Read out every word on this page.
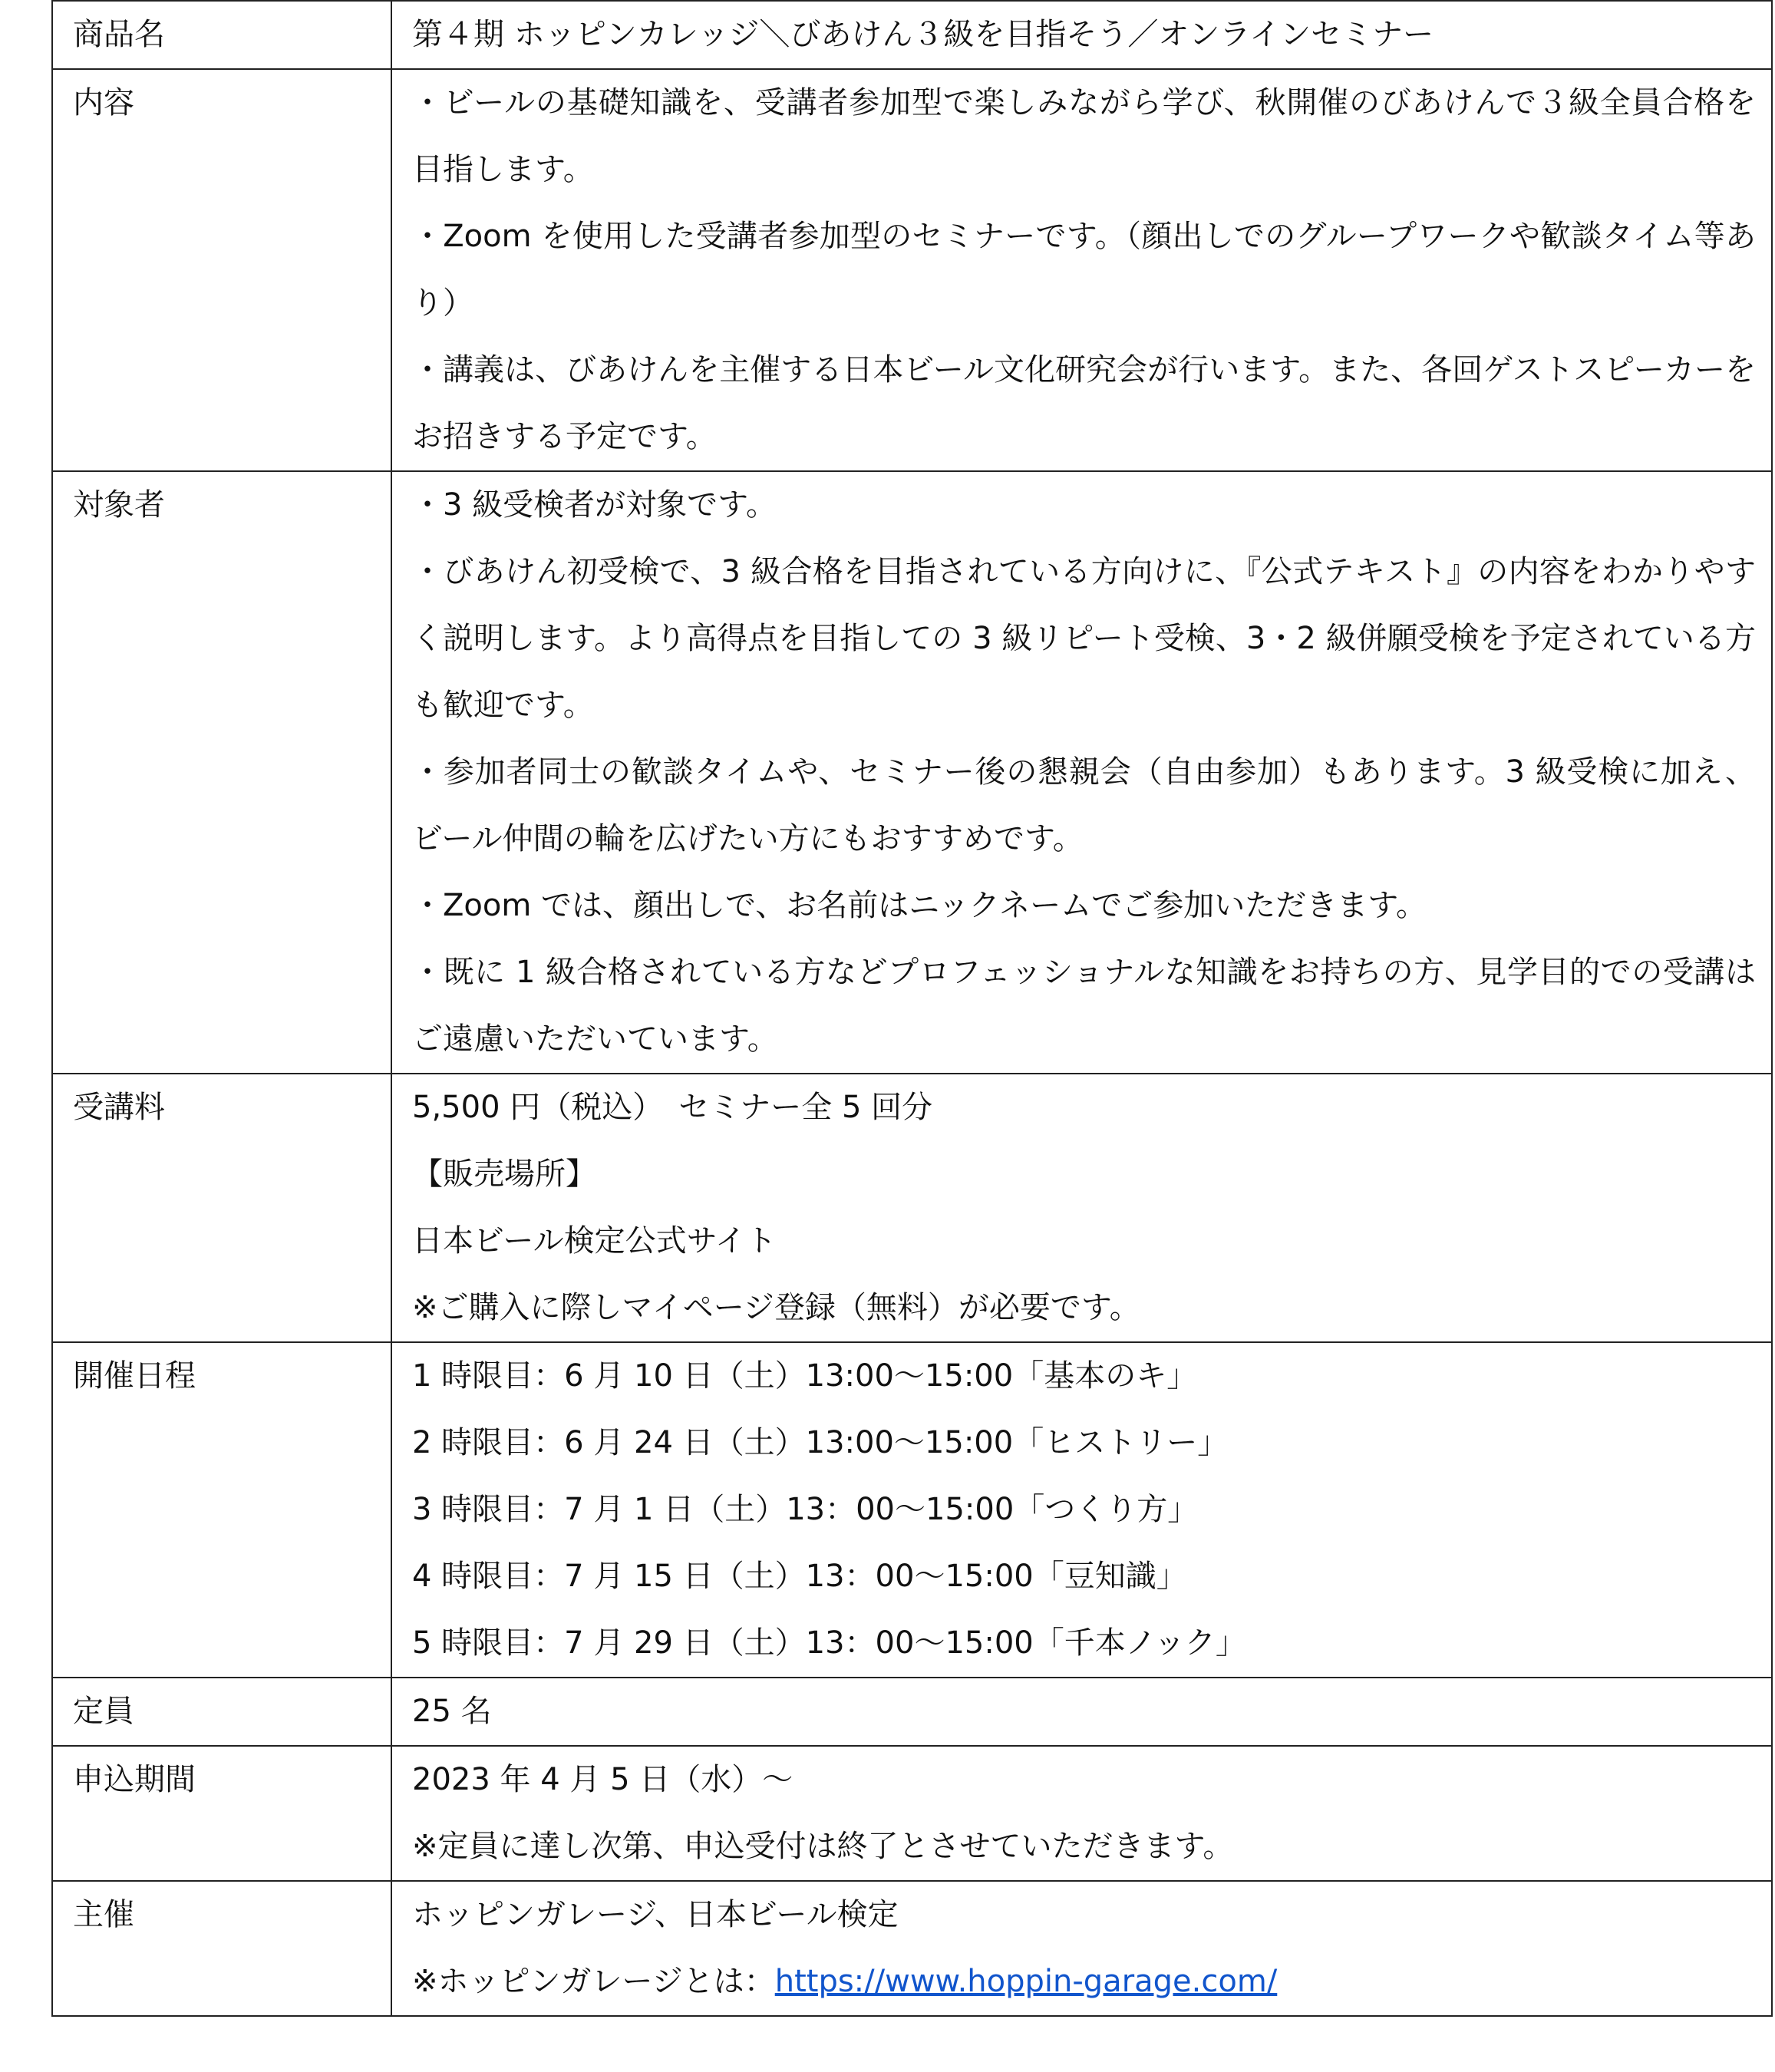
商品名	第４期 ホッピンカレッジ＼びあけん３級を目指そう／オンラインセミナー

内容	・ビールの基礎知識を、受講者参加型で楽しみながら学び、秋開催のびあけんで３級全員合格を目指します。
・Zoom を使用した受講者参加型のセミナーです。（顔出しでのグループワークや歓談タイム等あり）
・講義は、びあけんを主催する日本ビール文化研究会が行います。また、各回ゲストスピーカーをお招きする予定です。

対象者	・3 級受検者が対象です。
・びあけん初受検で、3 級合格を目指されている方向けに、『公式テキスト』の内容をわかりやすく説明します。より高得点を目指しての 3 級リピート受検、3・2 級併願受検を予定されている方も歓迎です。
・参加者同士の歓談タイムや、セミナー後の懇親会（自由参加）もあります。3 級受検に加え、ビール仲間の輪を広げたい方にもおすすめです。
・Zoom では、顔出しで、お名前はニックネームでご参加いただきます。
・既に 1 級合格されている方などプロフェッショナルな知識をお持ちの方、見学目的での受講はご遠慮いただいています。

受講料	5,500 円（税込）　セミナー全 5 回分
【販売場所】
日本ビール検定公式サイト
※ご購入に際しマイページ登録（無料）が必要です。

開催日程	1 時限目：6 月 10 日（土）13:00～15:00「基本のキ」
2 時限目：6 月 24 日（土）13:00～15:00「ヒストリー」
3 時限目：7 月 1 日（土）13：00～15:00「つくり方」
4 時限目：7 月 15 日（土）13：00～15:00「豆知識」
5 時限目：7 月 29 日（土）13：00～15:00「千本ノック」

定員	25 名

申込期間	2023 年 4 月 5 日（水）～
※定員に達し次第、申込受付は終了とさせていただきます。

主催	ホッピンガレージ、日本ビール検定
※ホッピンガレージとは：https://www.hoppin-garage.com/
